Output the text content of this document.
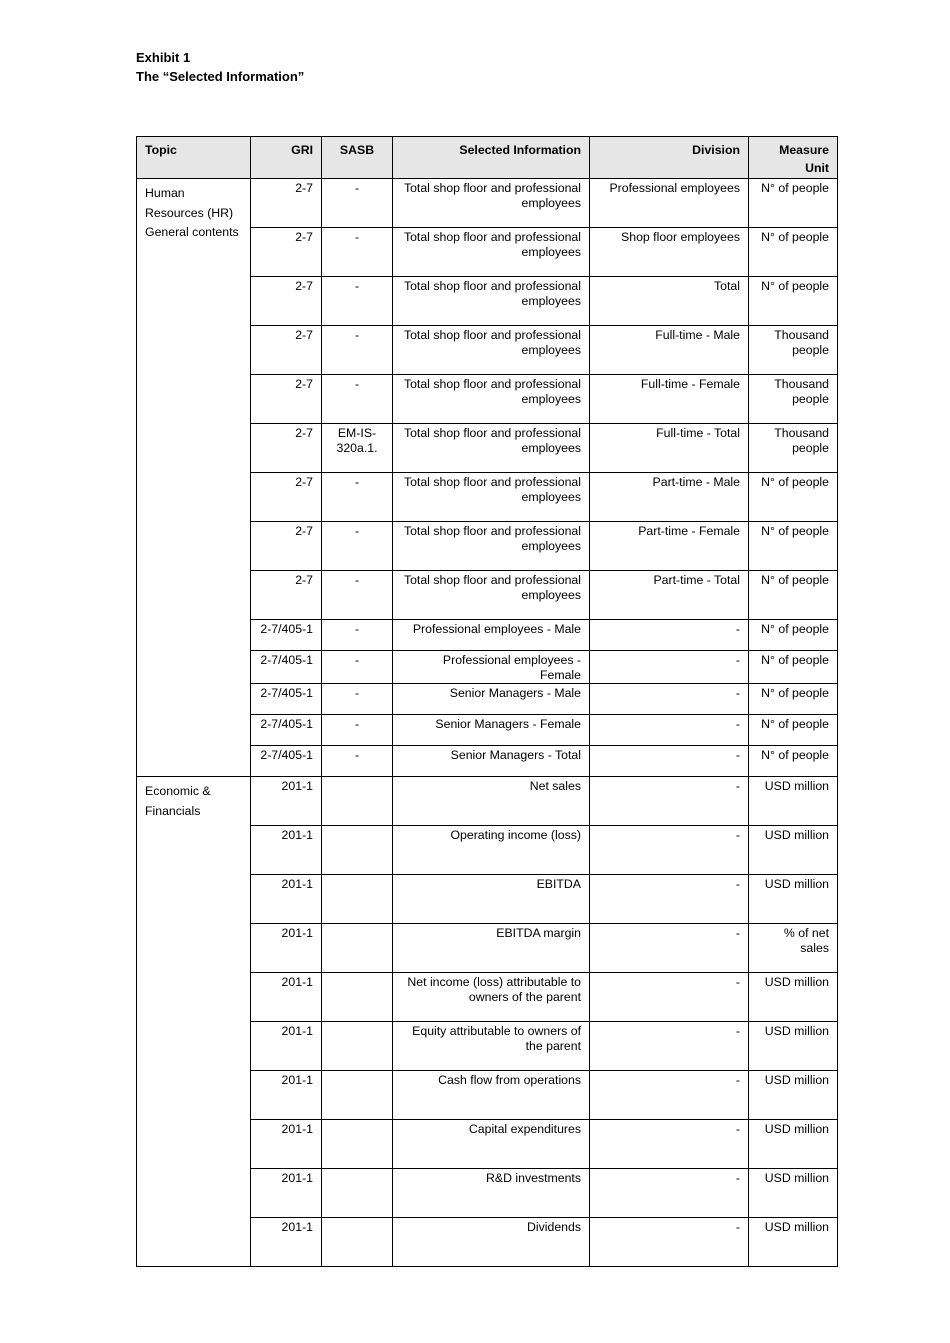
Exhibit 1
The “Selected Information”
Topic	GRI	SASB	Selected Information	Division	Measure Unit
Human Resources (HR) General contents	2-7	-	Total shop floor and professional employees	Professional employees	N° of people
	2-7	-	Total shop floor and professional employees	Shop floor employees	N° of people
	2-7	-	Total shop floor and professional employees	Total	N° of people
	2-7	-	Total shop floor and professional employees	Full-time - Male	Thousand people
	2-7	-	Total shop floor and professional employees	Full-time - Female	Thousand people
	2-7	EM-IS-320a.1.	Total shop floor and professional employees	Full-time - Total	Thousand people
	2-7	-	Total shop floor and professional employees	Part-time - Male	N° of people
	2-7	-	Total shop floor and professional employees	Part-time - Female	N° of people
	2-7	-	Total shop floor and professional employees	Part-time - Total	N° of people
	2-7/405-1	-	Professional employees - Male	-	N° of people
	2-7/405-1	-	Professional employees - Female	-	N° of people
	2-7/405-1	-	Senior Managers - Male	-	N° of people
	2-7/405-1	-	Senior Managers - Female	-	N° of people
	2-7/405-1	-	Senior Managers - Total	-	N° of people
Economic & Financials	201-1		Net sales	-	USD million
	201-1		Operating income (loss)	-	USD million
	201-1		EBITDA	-	USD million
	201-1		EBITDA margin	-	% of net sales
	201-1		Net income (loss) attributable to owners of the parent	-	USD million
	201-1		Equity attributable to owners of the parent	-	USD million
	201-1		Cash flow from operations	-	USD million
	201-1		Capital expenditures	-	USD million
	201-1		R&D investments	-	USD million
	201-1		Dividends	-	USD million
